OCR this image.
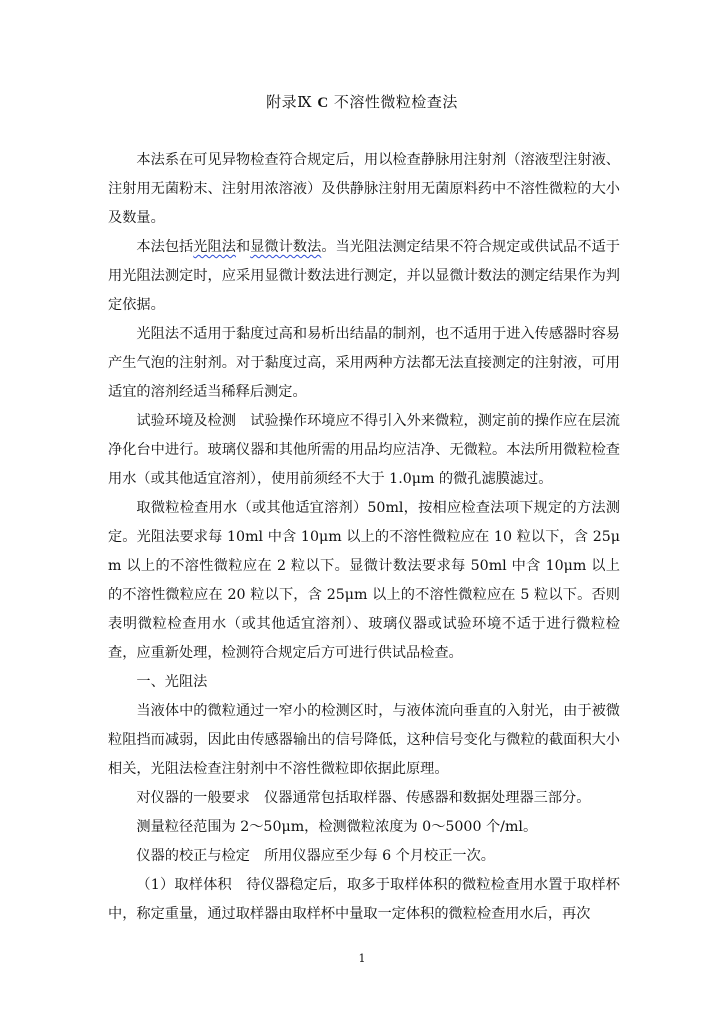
附录Ⅸ C 不溶性微粒检查法

本法系在可见异物检查符合规定后，用以检查静脉用注射剂（溶液型注射液、注射用无菌粉末、注射用浓溶液）及供静脉注射用无菌原料药中不溶性微粒的大小及数量。

本法包括光阻法和显微计数法。当光阻法测定结果不符合规定或供试品不适于用光阻法测定时，应采用显微计数法进行测定，并以显微计数法的测定结果作为判定依据。

光阻法不适用于黏度过高和易析出结晶的制剂，也不适用于进入传感器时容易产生气泡的注射剂。对于黏度过高，采用两种方法都无法直接测定的注射液，可用适宜的溶剂经适当稀释后测定。

试验环境及检测　试验操作环境应不得引入外来微粒，测定前的操作应在层流净化台中进行。玻璃仪器和其他所需的用品均应洁净、无微粒。本法所用微粒检查用水（或其他适宜溶剂），使用前须经不大于 1.0μm 的微孔滤膜滤过。

取微粒检查用水（或其他适宜溶剂）50ml，按相应检查法项下规定的方法测定。光阻法要求每 10ml 中含 10μm 以上的不溶性微粒应在 10 粒以下，含 25μm 以上的不溶性微粒应在 2 粒以下。显微计数法要求每 50ml 中含 10μm 以上的不溶性微粒应在 20 粒以下，含 25μm 以上的不溶性微粒应在 5 粒以下。否则表明微粒检查用水（或其他适宜溶剂）、玻璃仪器或试验环境不适于进行微粒检查，应重新处理，检测符合规定后方可进行供试品检查。

一、光阻法

当液体中的微粒通过一窄小的检测区时，与液体流向垂直的入射光，由于被微粒阻挡而减弱，因此由传感器输出的信号降低，这种信号变化与微粒的截面积大小相关，光阻法检查注射剂中不溶性微粒即依据此原理。

对仪器的一般要求　仪器通常包括取样器、传感器和数据处理器三部分。

测量粒径范围为 2～50μm，检测微粒浓度为 0～5000 个/ml。

仪器的校正与检定　所用仪器应至少每 6 个月校正一次。

（1）取样体积　待仪器稳定后，取多于取样体积的微粒检查用水置于取样杯中，称定重量，通过取样器由取样杯中量取一定体积的微粒检查用水后，再次

1
